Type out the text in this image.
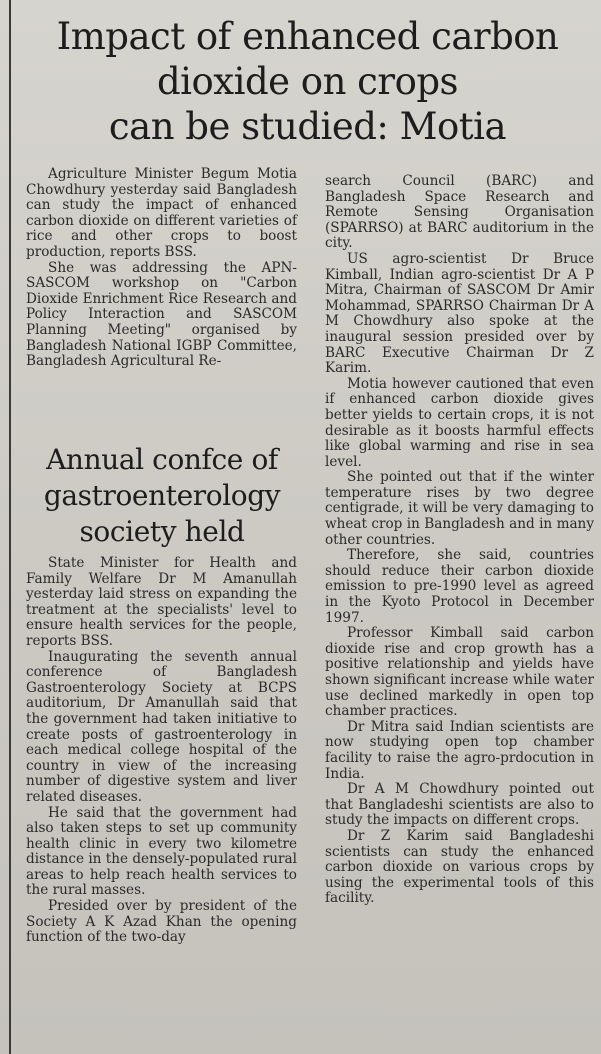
Impact of enhanced carbon
dioxide on crops
can be studied: Motia

Agriculture Minister Begum Motia Chowdhury yesterday said Bangladesh can study the impact of enhanced carbon dioxide on different varieties of rice and other crops to boost production, reports BSS.

She was addressing the APN-SASCOM workshop on "Carbon Dioxide Enrichment Rice Research and Policy Interaction and SASCOM Planning Meeting" organised by Bangladesh National IGBP Committee, Bangladesh Agricultural Re-

search Council (BARC) and Bangladesh Space Research and Remote Sensing Organisation (SPARRSO) at BARC auditorium in the city.

US agro-scientist Dr Bruce Kimball, Indian agro-scientist Dr A P Mitra, Chairman of SASCOM Dr Amir Mohammad, SPARRSO Chairman Dr A M Chowdhury also spoke at the inaugural session presided over by BARC Executive Chairman Dr Z Karim.

Motia however cautioned that even if enhanced carbon dioxide gives better yields to certain crops, it is not desirable as it boosts harmful effects like global warming and rise in sea level.

She pointed out that if the winter temperature rises by two degree centigrade, it will be very damaging to wheat crop in Bangladesh and in many other countries.

Therefore, she said, countries should reduce their carbon dioxide emission to pre-1990 level as agreed in the Kyoto Protocol in December 1997.

Professor Kimball said carbon dioxide rise and crop growth has a positive relationship and yields have shown significant increase while water use declined markedly in open top chamber practices.

Dr Mitra said Indian scientists are now studying open top chamber facility to raise the agro-prdocution in India.

Dr A M Chowdhury pointed out that Bangladeshi scientists are also to study the impacts on different crops.

Dr Z Karim said Bangladeshi scientists can study the enhanced carbon dioxide on various crops by using the experimental tools of this facility.

Annual confce of
gastroenterology
society held

State Minister for Health and Family Welfare Dr M Amanullah yesterday laid stress on expanding the treatment at the specialists' level to ensure health services for the people, reports BSS.

Inaugurating the seventh annual conference of Bangladesh Gastroenterology Society at BCPS auditorium, Dr Amanullah said that the government had taken initiative to create posts of gastroenterology in each medical college hospital of the country in view of the increasing number of digestive system and liver related diseases.

He said that the government had also taken steps to set up community health clinic in every two kilometre distance in the densely-populated rural areas to help reach health services to the rural masses.

Presided over by president of the Society A K Azad Khan the opening function of the two-day
